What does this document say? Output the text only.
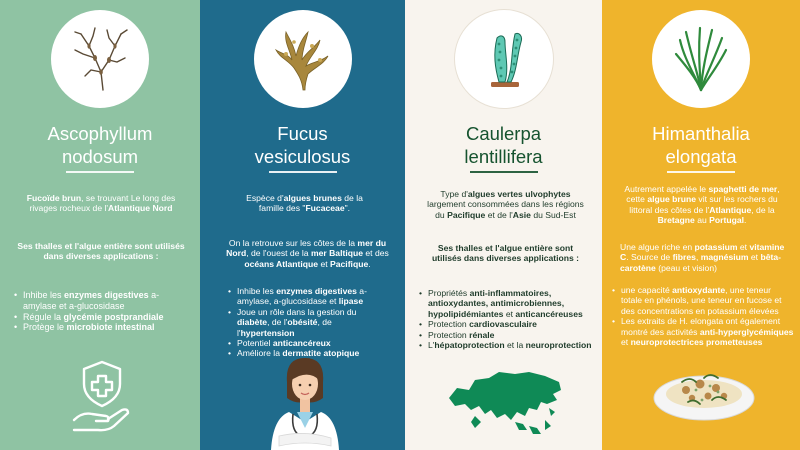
Ascophyllum
nodosum

Fucoïde brun, se trouvant Le long des rivages rocheux de l'Atlantique Nord

Ses thalles et l'algue entière sont utilisés dans diverses applications :

• Inhibe les enzymes digestives a-amylase et a-glucosidase
• Régule la glycémie postprandiale
• Protège le microbiote intestinal
Fucus
vesiculosus

Espèce d'algues brunes de la famille des "Fucaceae".

On la retrouve sur les côtes de la mer du Nord, de l'ouest de la mer Baltique et des océans Atlantique et Pacifique.

• Inhibe les enzymes digestives a-amylase, a-glucosidase et lipase
• Joue un rôle dans la gestion du diabète, de l'obésité, de l'hypertension
• Potentiel anticancéreux
• Améliore la dermatite atopique
Caulerpa
lentillifera

Type d'algues vertes ulvophytes largement consommées dans les régions du Pacifique et de l'Asie du Sud-Est

Ses thalles et l'algue entière sont utilisés dans diverses applications :

• Propriétés anti-inflammatoires, antioxydantes, antimicrobiennes, hypolipidémiantes et anticancéreuses
• Protection cardiovasculaire
• Protection rénale
• L'hépatoprotection et la neuroprotection
Himanthalia
elongata

Autrement appelée le spaghetti de mer, cette algue brune vit sur les rochers du littoral des côtes de l'Atlantique, de la Bretagne au Portugal.

Une algue riche en potassium et vitamine C. Source de fibres, magnésium et bêta-carotène (peau et vision)

• une capacité antioxydante, une teneur totale en phénols, une teneur en fucose et des concentrations en potassium élevées
• Les extraits de H. elongata ont également montré des activités anti-hyperglycémiques et neuroprotectrices prometteuses
